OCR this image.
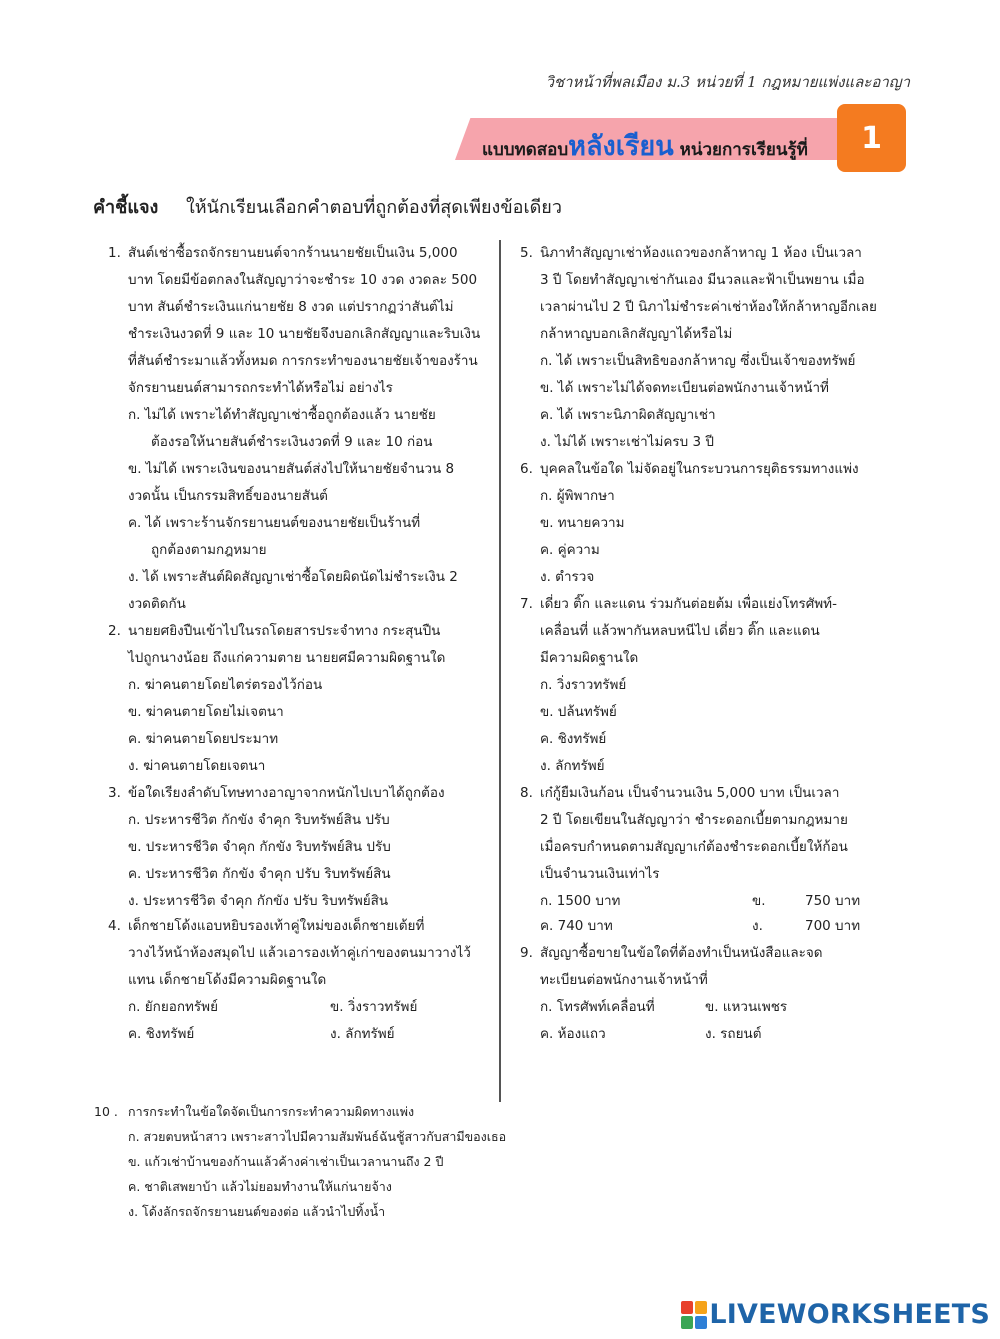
วิชาหน้าที่พลเมือง ม.3 หน่วยที่ 1 กฎหมายแพ่งและอาญา
แบบทดสอบหลังเรียน หน่วยการเรียนรู้ที่	1
คำชี้แจง ให้นักเรียนเลือกคำตอบที่ถูกต้องที่สุดเพียงข้อเดียว
1. สันต์เช่าซื้อรถจักรยานยนต์จากร้านนายชัยเป็นเงิน 5,000
บาท โดยมีข้อตกลงในสัญญาว่าจะชำระ 10 งวด งวดละ 500
บาท สันต์ชำระเงินแก่นายชัย 8 งวด แต่ปรากฏว่าสันต์ไม่
ชำระเงินงวดที่ 9 และ 10 นายชัยจึงบอกเลิกสัญญาและริบเงิน
ที่สันต์ชำระมาแล้วทั้งหมด การกระทำของนายชัยเจ้าของร้าน
จักรยานยนต์สามารถกระทำได้หรือไม่ อย่างไร
ก. ไม่ได้ เพราะได้ทำสัญญาเช่าซื้อถูกต้องแล้ว นายชัย
ต้องรอให้นายสันต์ชำระเงินงวดที่ 9 และ 10 ก่อน
ข. ไม่ได้ เพราะเงินของนายสันต์ส่งไปให้นายชัยจำนวน 8
งวดนั้น เป็นกรรมสิทธิ์ของนายสันต์
ค. ได้ เพราะร้านจักรยานยนต์ของนายชัยเป็นร้านที่
ถูกต้องตามกฎหมาย
ง. ได้ เพราะสันต์ผิดสัญญาเช่าซื้อโดยผิดนัดไม่ชำระเงิน 2
งวดติดกัน
2. นายยศยิงปืนเข้าไปในรถโดยสารประจำทาง กระสุนปืน
ไปถูกนางน้อย ถึงแก่ความตาย นายยศมีความผิดฐานใด
ก. ฆ่าคนตายโดยไตร่ตรองไว้ก่อน
ข. ฆ่าคนตายโดยไม่เจตนา
ค. ฆ่าคนตายโดยประมาท
ง. ฆ่าคนตายโดยเจตนา
3. ข้อใดเรียงลำดับโทษทางอาญาจากหนักไปเบาได้ถูกต้อง
ก. ประหารชีวิต กักขัง จำคุก ริบทรัพย์สิน ปรับ
ข. ประหารชีวิต จำคุก กักขัง ริบทรัพย์สิน ปรับ
ค. ประหารชีวิต กักขัง จำคุก ปรับ ริบทรัพย์สิน
ง. ประหารชีวิต จำคุก กักขัง ปรับ ริบทรัพย์สิน
4. เด็กชายโด้งแอบหยิบรองเท้าคู่ใหม่ของเด็กชายเต้ยที่
วางไว้หน้าห้องสมุดไป แล้วเอารองเท้าคู่เก่าของตนมาวางไว้
แทน เด็กชายโด้งมีความผิดฐานใด
ก. ยักยอกทรัพย์	ข. วิ่งราวทรัพย์
ค. ชิงทรัพย์	ง. ลักทรัพย์
5. นิภาทำสัญญาเช่าห้องแถวของกล้าหาญ 1 ห้อง เป็นเวลา
3 ปี โดยทำสัญญาเช่ากันเอง มีนวลและฟ้าเป็นพยาน เมื่อ
เวลาผ่านไป 2 ปี นิภาไม่ชำระค่าเช่าห้องให้กล้าหาญอีกเลย
กล้าหาญบอกเลิกสัญญาได้หรือไม่
ก. ได้ เพราะเป็นสิทธิของกล้าหาญ ซึ่งเป็นเจ้าของทรัพย์
ข. ได้ เพราะไม่ได้จดทะเบียนต่อพนักงานเจ้าหน้าที่
ค. ได้ เพราะนิภาผิดสัญญาเช่า
ง. ไม่ได้ เพราะเช่าไม่ครบ 3 ปี
6. บุคคลในข้อใด ไม่จัดอยู่ในกระบวนการยุติธรรมทางแพ่ง
ก. ผู้พิพากษา
ข. ทนายความ
ค. คู่ความ
ง. ตำรวจ
7. เดี่ยว ติ๊ก และแดน ร่วมกันต่อยต้ม เพื่อแย่งโทรศัพท์-
เคลื่อนที่ แล้วพากันหลบหนีไป เดี่ยว ติ๊ก และแดน
มีความผิดฐานใด
ก. วิ่งราวทรัพย์
ข. ปล้นทรัพย์
ค. ชิงทรัพย์
ง. ลักทรัพย์
8. เก๋กู้ยืมเงินก้อน เป็นจำนวนเงิน 5,000 บาท เป็นเวลา
2 ปี โดยเขียนในสัญญาว่า ชำระดอกเบี้ยตามกฎหมาย
เมื่อครบกำหนดตามสัญญาเก๋ต้องชำระดอกเบี้ยให้ก้อน
เป็นจำนวนเงินเท่าไร
ก. 1500 บาท	ข.	750 บาท
ค. 740 บาท	ง.	700 บาท
9. สัญญาซื้อขายในข้อใดที่ต้องทำเป็นหนังสือและจด
ทะเบียนต่อพนักงานเจ้าหน้าที่
ก. โทรศัพท์เคลื่อนที่	ข. แหวนเพชร
ค. ห้องแถว	ง. รถยนต์
10 . การกระทำในข้อใดจัดเป็นการกระทำความผิดทางแพ่ง
ก. สวยตบหน้าสาว เพราะสาวไปมีความสัมพันธ์ฉันชู้สาวกับสามีของเธอ
ข. แก้วเช่าบ้านของก้านแล้วค้างค่าเช่าเป็นเวลานานถึง 2 ปี
ค. ชาติเสพยาบ้า แล้วไม่ยอมทำงานให้แก่นายจ้าง
ง. โด้งลักรถจักรยานยนต์ของต่อ แล้วนำไปทิ้งน้ำ
LIVEWORKSHEETS
